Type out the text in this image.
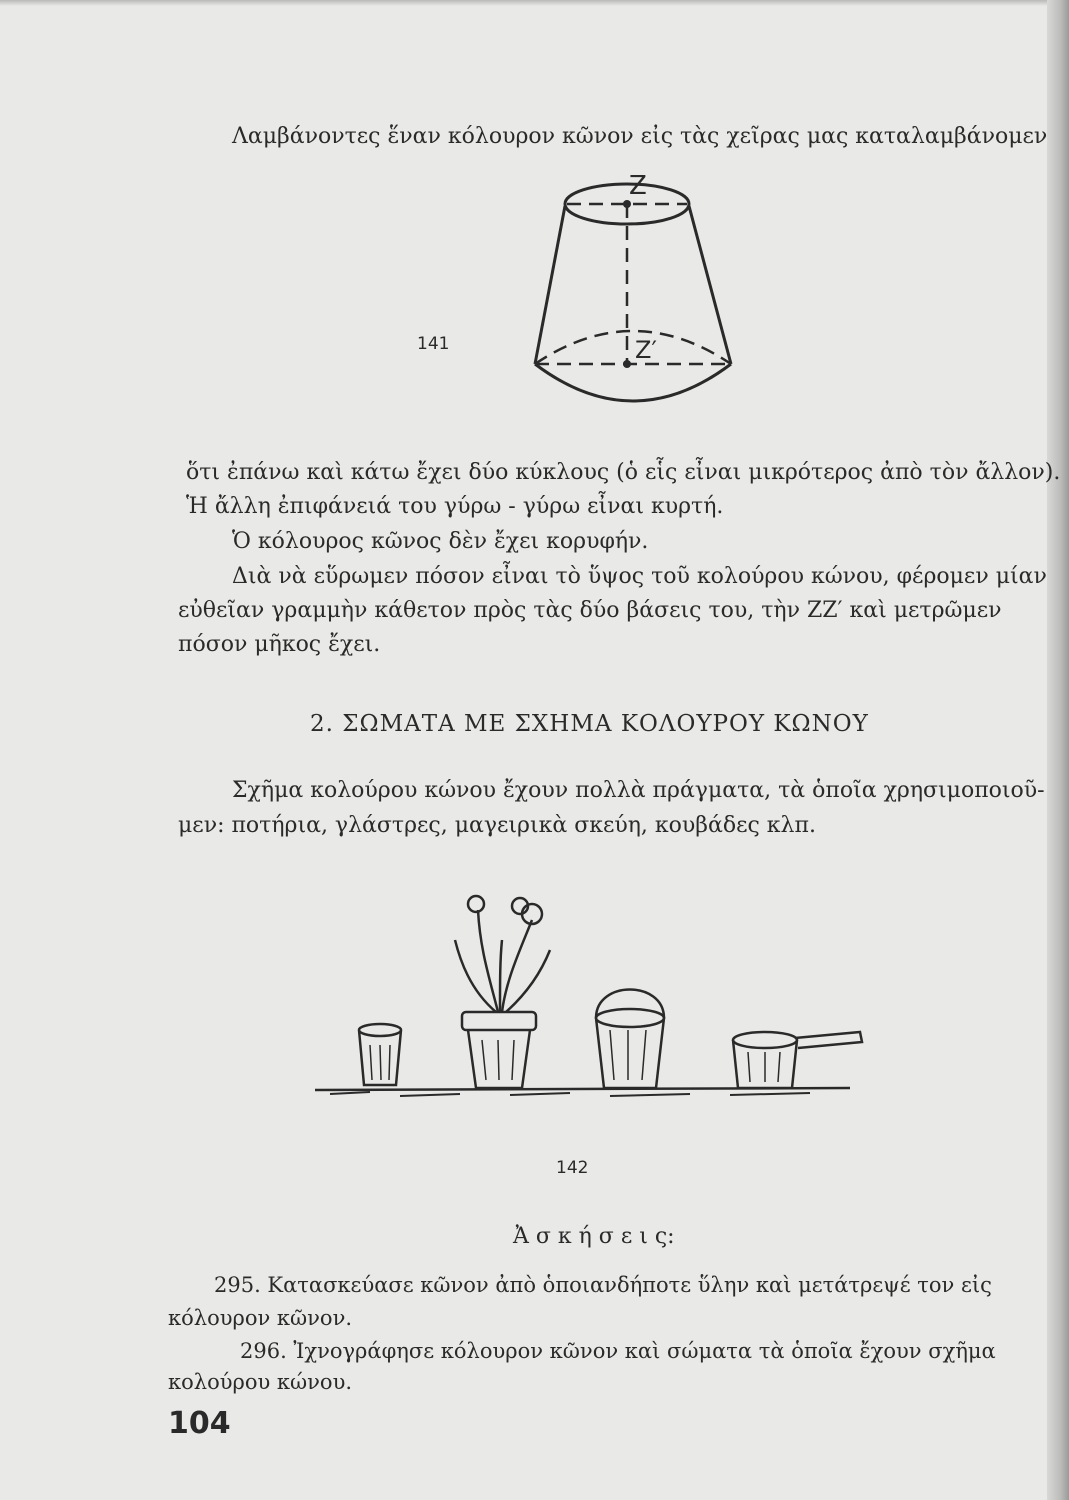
Λαμβάνοντες ἕναν κόλουρον κῶνον εἰς τὰς χεῖρας μας καταλαμβάνομεν
Z
Z′
141
ὅτι ἐπάνω καὶ κάτω ἔχει δύο κύκλους (ὁ εἷς εἶναι μικρότερος ἀπὸ τὸν ἄλλον).
Ἡ ἄλλη ἐπιφάνειά του γύρω - γύρω εἶναι κυρτή.
Ὁ κόλουρος κῶνος δὲν ἔχει κορυφήν.
Διὰ νὰ εὕρωμεν πόσον εἶναι τὸ ὕψος τοῦ κολούρου κώνου, φέρομεν μίαν
εὐθεῖαν γραμμὴν κάθετον πρὸς τὰς δύο βάσεις του, τὴν ZZ′ καὶ μετρῶμεν
πόσον μῆκος ἔχει.
2. ΣΩΜΑΤΑ ΜΕ ΣΧΗΜΑ ΚΟΛΟΥΡΟΥ ΚΩΝΟΥ
Σχῆμα κολούρου κώνου ἔχουν πολλὰ πράγματα, τὰ ὁποῖα χρησιμοποιοῦ-
μεν: ποτήρια, γλάστρες, μαγειρικὰ σκεύη, κουβάδες κλπ.
142
Ἀ σ κ ή σ ε ι ς:
295. Κατασκεύασε κῶνον ἀπὸ ὁποιανδήποτε ὕλην καὶ μετάτρεψέ τον εἰς
κόλουρον κῶνον.
296. Ἰχνογράφησε κόλουρον κῶνον καὶ σώματα τὰ ὁποῖα ἔχουν σχῆμα
κολούρου κώνου.
104
